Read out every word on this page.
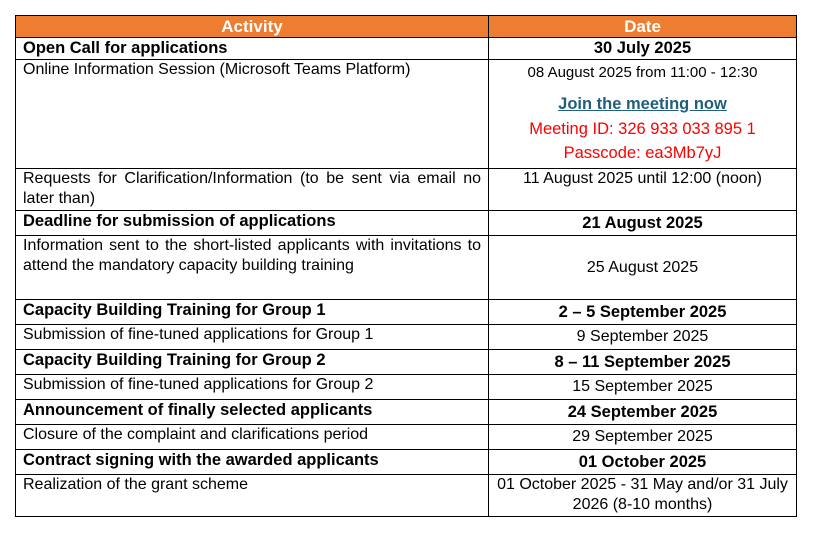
Activity	Date
Open Call for applications	30 July 2025
Online Information Session (Microsoft Teams Platform)	08 August 2025 from 11:00 - 12:30
Join the meeting now
Meeting ID: 326 933 033 895 1
Passcode: ea3Mb7yJ

Requests for Clarification/Information (to be sent via email no later than)	11 August 2025 until 12:00 (noon)
Deadline for submission of applications	21 August 2025
Information sent to the short-listed applicants with invitations to attend the mandatory capacity building training	25 August 2025
Capacity Building Training for Group 1	2 – 5 September 2025
Submission of fine-tuned applications for Group 1	9 September 2025
Capacity Building Training for Group 2	8 – 11 September 2025
Submission of fine-tuned applications for Group 2	15 September 2025
Announcement of finally selected applicants	24 September 2025
Closure of the complaint and clarifications period	29 September 2025
Contract signing with the awarded applicants	01 October 2025
Realization of the grant scheme	01 October 2025 - 31 May and/or 31 July 2026 (8-10 months)
